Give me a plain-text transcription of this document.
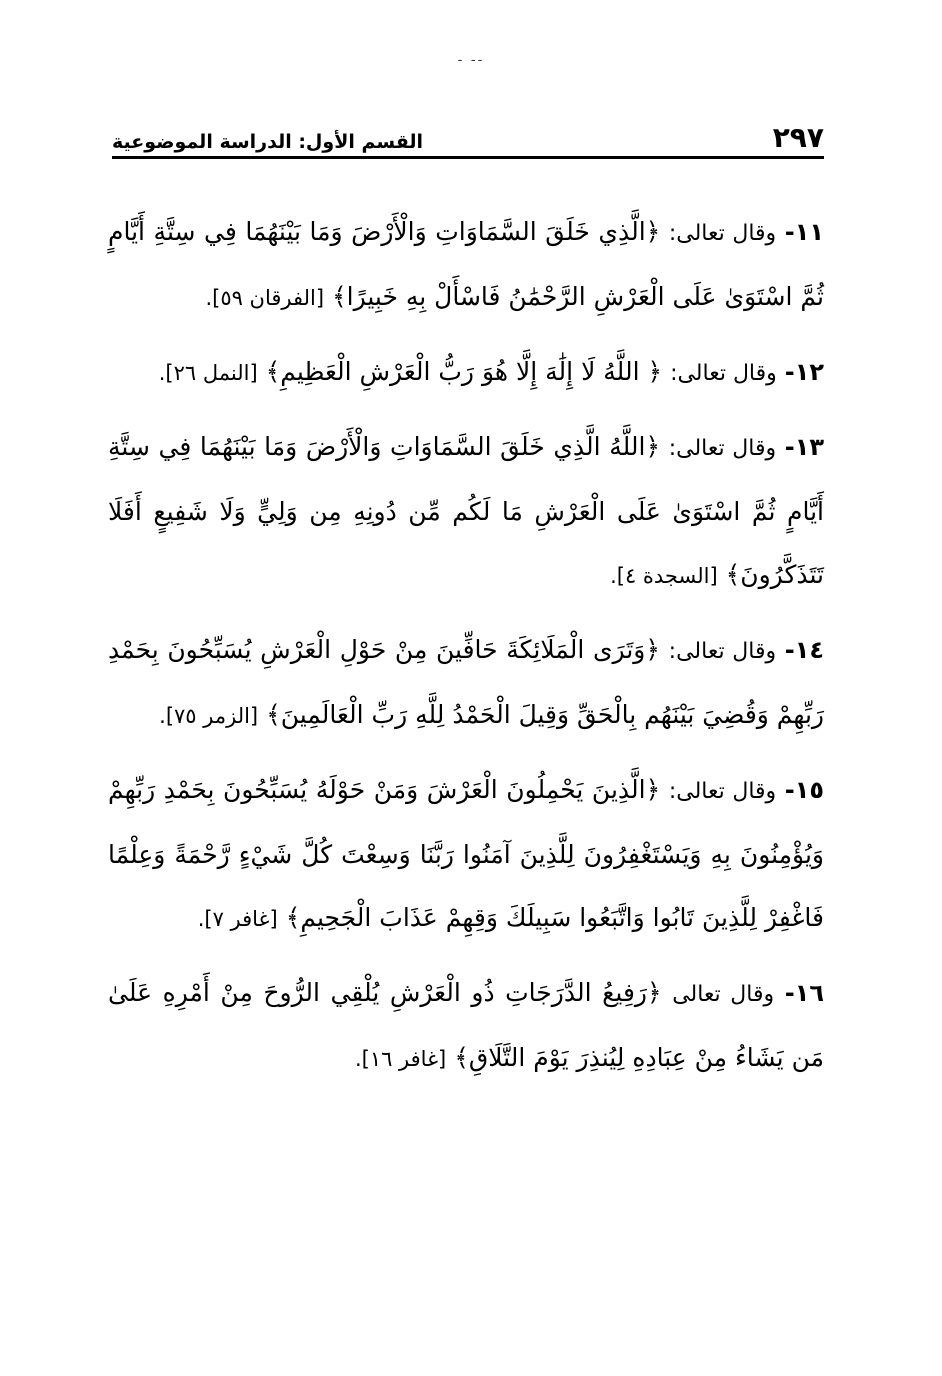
- --
٢٩٧
القسم الأول: الدراسة الموضوعية

١١- وقال تعالى: ﴿الَّذِي خَلَقَ السَّمَاوَاتِ وَالْأَرْضَ وَمَا بَيْنَهُمَا فِي سِتَّةِ أَيَّامٍ ثُمَّ اسْتَوَىٰ عَلَى الْعَرْشِ الرَّحْمَٰنُ فَاسْأَلْ بِهِ خَبِيرًا﴾ [الفرقان ٥٩].

١٢- وقال تعالى: ﴿ اللَّهُ لَا إِلَٰهَ إِلَّا هُوَ رَبُّ الْعَرْشِ الْعَظِيمِ﴾ [النمل ٢٦].

١٣- وقال تعالى: ﴿اللَّهُ الَّذِي خَلَقَ السَّمَاوَاتِ وَالْأَرْضَ وَمَا بَيْنَهُمَا فِي سِتَّةِ أَيَّامٍ ثُمَّ اسْتَوَىٰ عَلَى الْعَرْشِ مَا لَكُم مِّن دُونِهِ مِن وَلِيٍّ وَلَا شَفِيعٍ أَفَلَا تَتَذَكَّرُونَ﴾ [السجدة ٤].

١٤- وقال تعالى: ﴿وَتَرَى الْمَلَائِكَةَ حَافِّينَ مِنْ حَوْلِ الْعَرْشِ يُسَبِّحُونَ بِحَمْدِ رَبِّهِمْ وَقُضِيَ بَيْنَهُم بِالْحَقِّ وَقِيلَ الْحَمْدُ لِلَّهِ رَبِّ الْعَالَمِينَ﴾ [الزمر ٧٥].

١٥- وقال تعالى: ﴿الَّذِينَ يَحْمِلُونَ الْعَرْشَ وَمَنْ حَوْلَهُ يُسَبِّحُونَ بِحَمْدِ رَبِّهِمْ وَيُؤْمِنُونَ بِهِ وَيَسْتَغْفِرُونَ لِلَّذِينَ آمَنُوا رَبَّنَا وَسِعْتَ كُلَّ شَيْءٍ رَّحْمَةً وَعِلْمًا فَاغْفِرْ لِلَّذِينَ تَابُوا وَاتَّبَعُوا سَبِيلَكَ وَقِهِمْ عَذَابَ الْجَحِيمِ﴾ [غافر ٧].

١٦- وقال تعالى ﴿رَفِيعُ الدَّرَجَاتِ ذُو الْعَرْشِ يُلْقِي الرُّوحَ مِنْ أَمْرِهِ عَلَىٰ مَن يَشَاءُ مِنْ عِبَادِهِ لِيُنذِرَ يَوْمَ التَّلَاقِ﴾ [غافر ١٦].
